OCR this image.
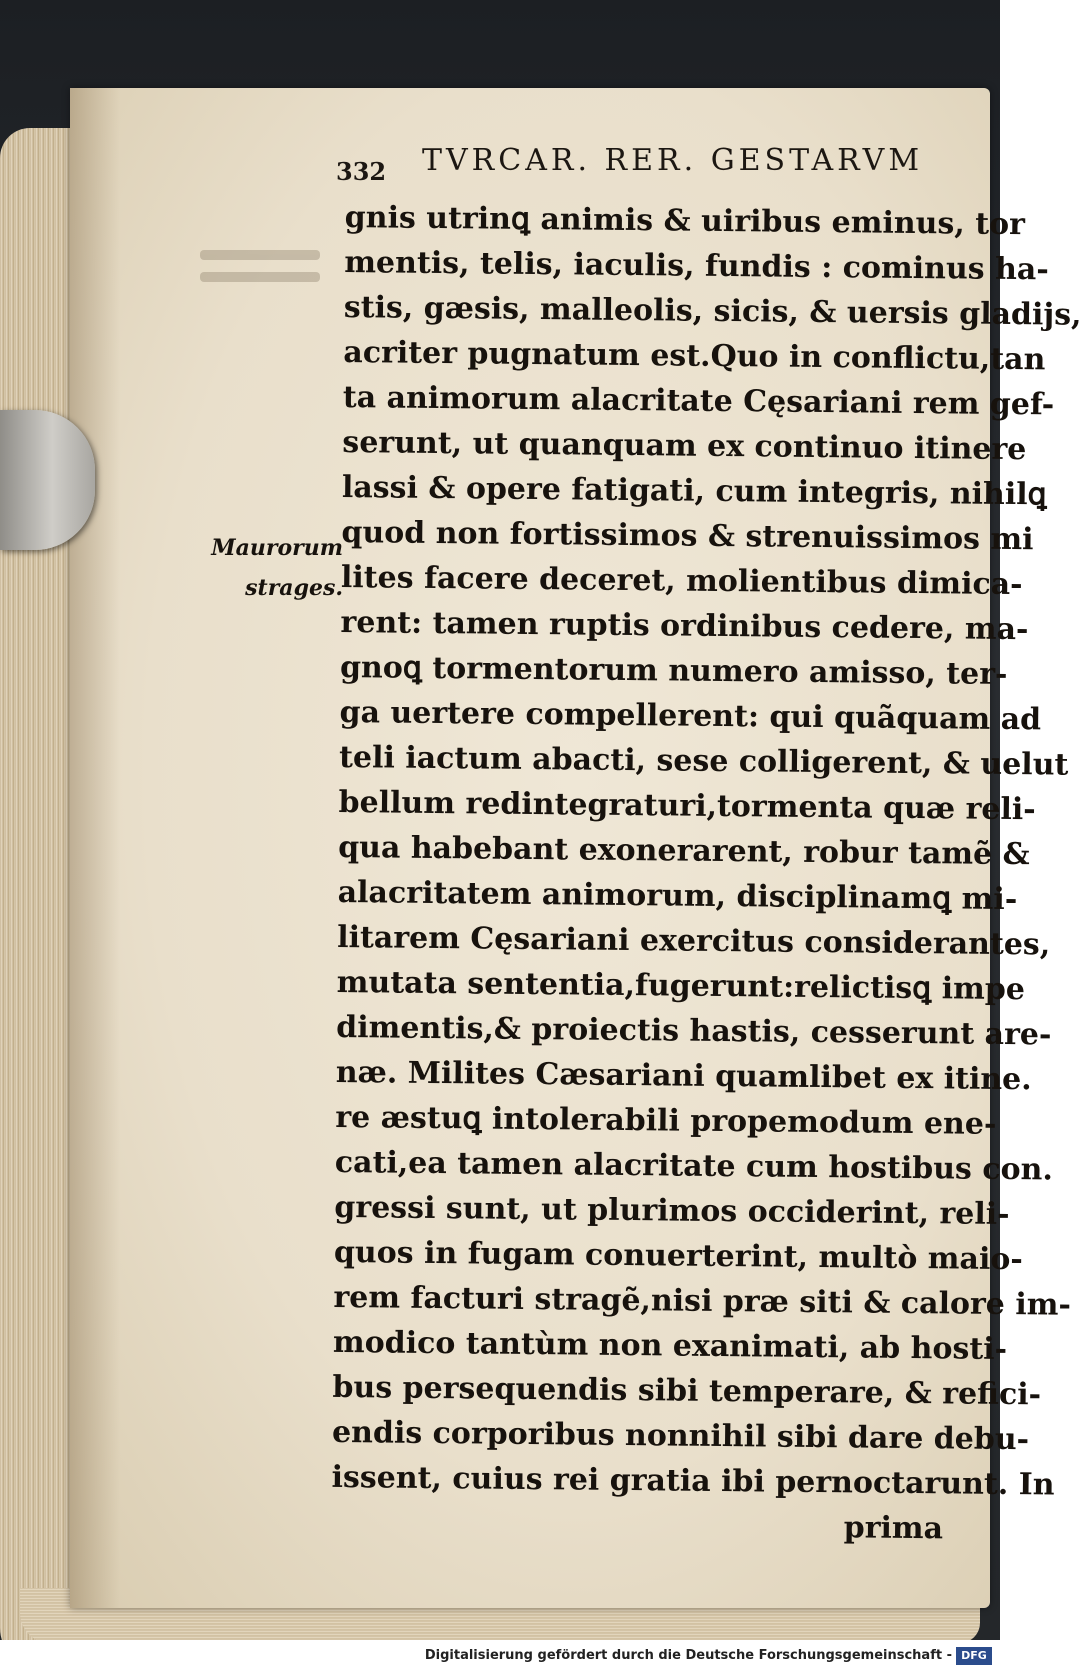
332 TVRCAR. RER. GESTARVM
Maurorum
strages.
gnis utrinꝗ animis & uiribus eminus, tor
mentis, telis, iaculis, fundis : cominus ha-
stis, gæsis, malleolis, sicis, & uersis gladijs,
acriter pugnatum est.Quo in conflictu,tan
ta animorum alacritate Cęsariani rem gef-
serunt, ut quanquam ex continuo itinere
lassi & opere fatigati, cum integris, nihilꝗ
quod non fortissimos & strenuissimos mi
lites facere deceret, molientibus dimica-
rent: tamen ruptis ordinibus cedere, ma-
gnoꝗ tormentorum numero amisso, ter-
ga uertere compellerent: qui quãquam ad
teli iactum abacti, sese colligerent, & uelut
bellum redintegraturi,tormenta quæ reli-
qua habebant exonerarent, robur tamẽ &
alacritatem animorum, disciplinamꝗ mi-
litarem Cęsariani exercitus considerantes,
mutata sententia,fugerunt:relictisꝗ impe
dimentis,& proiectis hastis, cesserunt are-
næ. Milites Cæsariani quamlibet ex itine.
re æstuꝗ intolerabili propemodum ene-
cati,ea tamen alacritate cum hostibus con.
gressi sunt, ut plurimos occiderint, reli-
quos in fugam conuerterint, multò maio-
rem facturi stragẽ,nisi præ siti & calore im-
modico tantùm non exanimati, ab hosti-
bus persequendis sibi temperare, & refici-
endis corporibus nonnihil sibi dare debu-
issent, cuius rei gratia ibi pernoctarunt. In
prima
Digitalisierung gefördert durch die Deutsche Forschungsgemeinschaft - DFG
